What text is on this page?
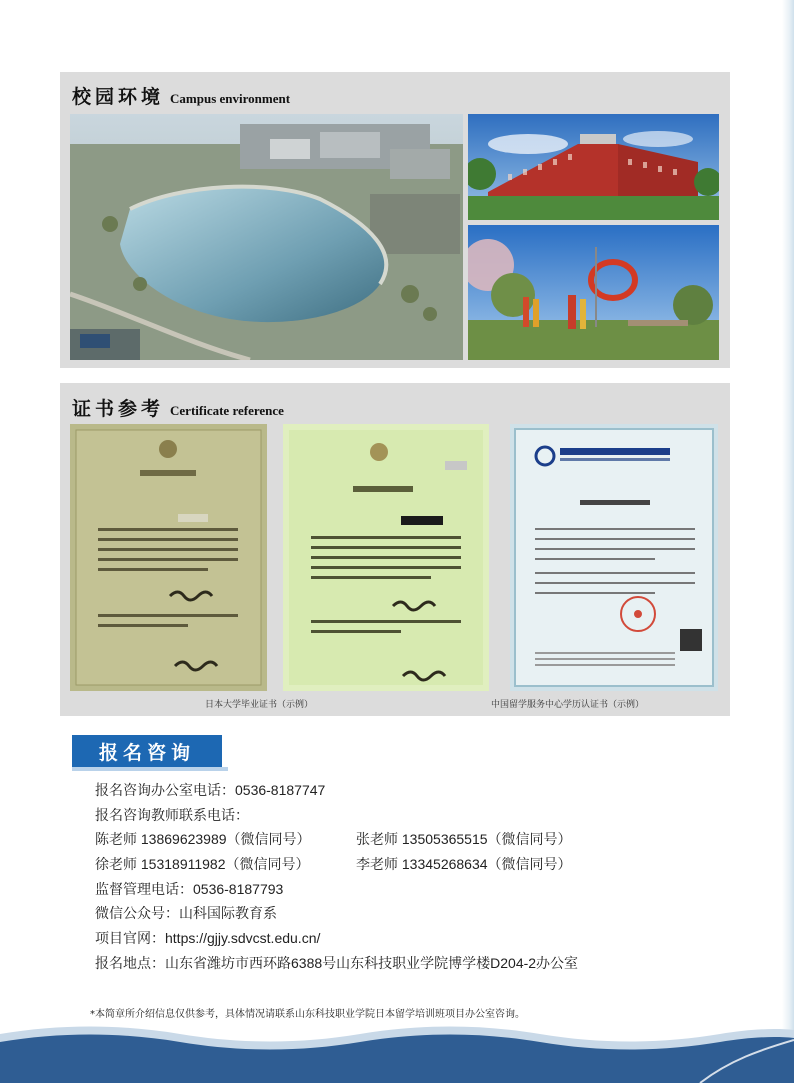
校园环境 Campus environment
证书参考 Certificate reference
日本大学毕业证书（示例）	中国留学服务中心学历认证书（示例）
报名咨询
报名咨询办公室电话：0536-8187747
报名咨询教师联系电话：
陈老师 13869623989（微信同号）	张老师 13505365515（微信同号）
徐老师 15318911982（微信同号）	李老师 13345268634（微信同号）
监督管理电话：0536-8187793
微信公众号：山科国际教育系
项目官网：https://gjjy.sdvcst.edu.cn/
报名地点：山东省潍坊市西环路6388号山东科技职业学院博学楼D204-2办公室
*本简章所介绍信息仅供参考，具体情况请联系山东科技职业学院日本留学培训班项目办公室咨询。
